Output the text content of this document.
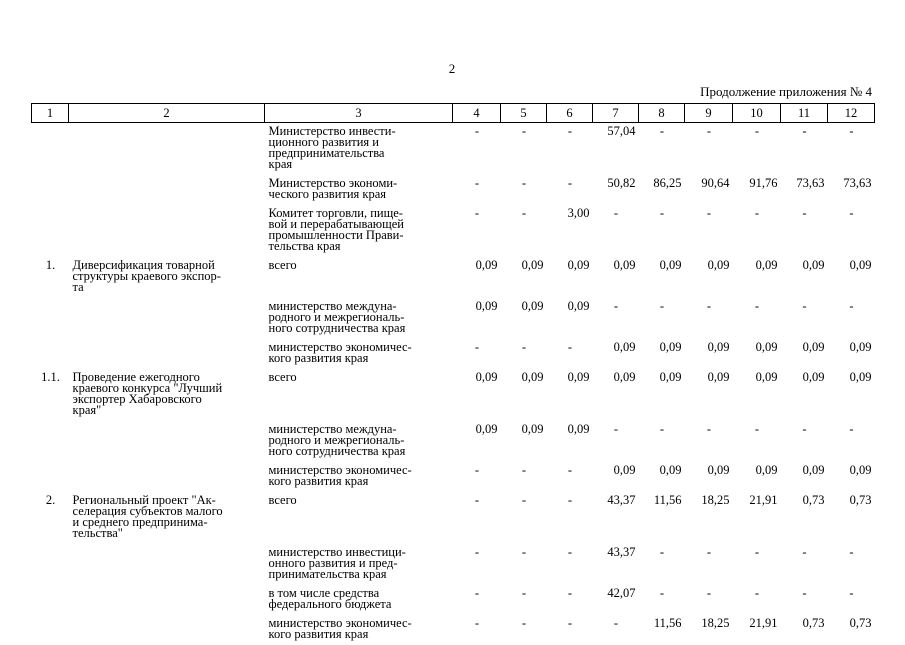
2
Продолжение приложения № 4
1	2	3	4	5	6	7	8	9	10	11	12
		Министерство инвести-
ционного развития и
предпринимательства
края	-	-	-	57,04	-	-	-	-	-
		Министерство экономи-
ческого развития края	-	-	-	50,82	86,25	90,64	91,76	73,63	73,63
		Комитет торговли, пище-
вой и перерабатывающей
промышленности Прави-
тельства края	-	-	3,00	-	-	-	-	-	-
1.	Диверсификация товарной
структуры краевого экспор-
та	всего	0,09	0,09	0,09	0,09	0,09	0,09	0,09	0,09	0,09
		министерство междуна-
родного и межрегиональ-
ного сотрудничества края	0,09	0,09	0,09	-	-	-	-	-	-
		министерство экономичес-
кого развития края	-	-	-	0,09	0,09	0,09	0,09	0,09	0,09
1.1.	Проведение ежегодного
краевого конкурса "Лучший
экспортер Хабаровского
края"	всего	0,09	0,09	0,09	0,09	0,09	0,09	0,09	0,09	0,09
		министерство междуна-
родного и межрегиональ-
ного сотрудничества края	0,09	0,09	0,09	-	-	-	-	-	-
		министерство экономичес-
кого развития края	-	-	-	0,09	0,09	0,09	0,09	0,09	0,09
2.	Региональный проект "Ак-
селерация субъектов малого
и среднего предпринима-
тельства"	всего	-	-	-	43,37	11,56	18,25	21,91	0,73	0,73
		министерство инвестици-
онного развития и пред-
принимательства края	-	-	-	43,37	-	-	-	-	-
		в том числе средства
федерального бюджета	-	-	-	42,07	-	-	-	-	-
		министерство экономичес-
кого развития края	-	-	-	-	11,56	18,25	21,91	0,73	0,73
